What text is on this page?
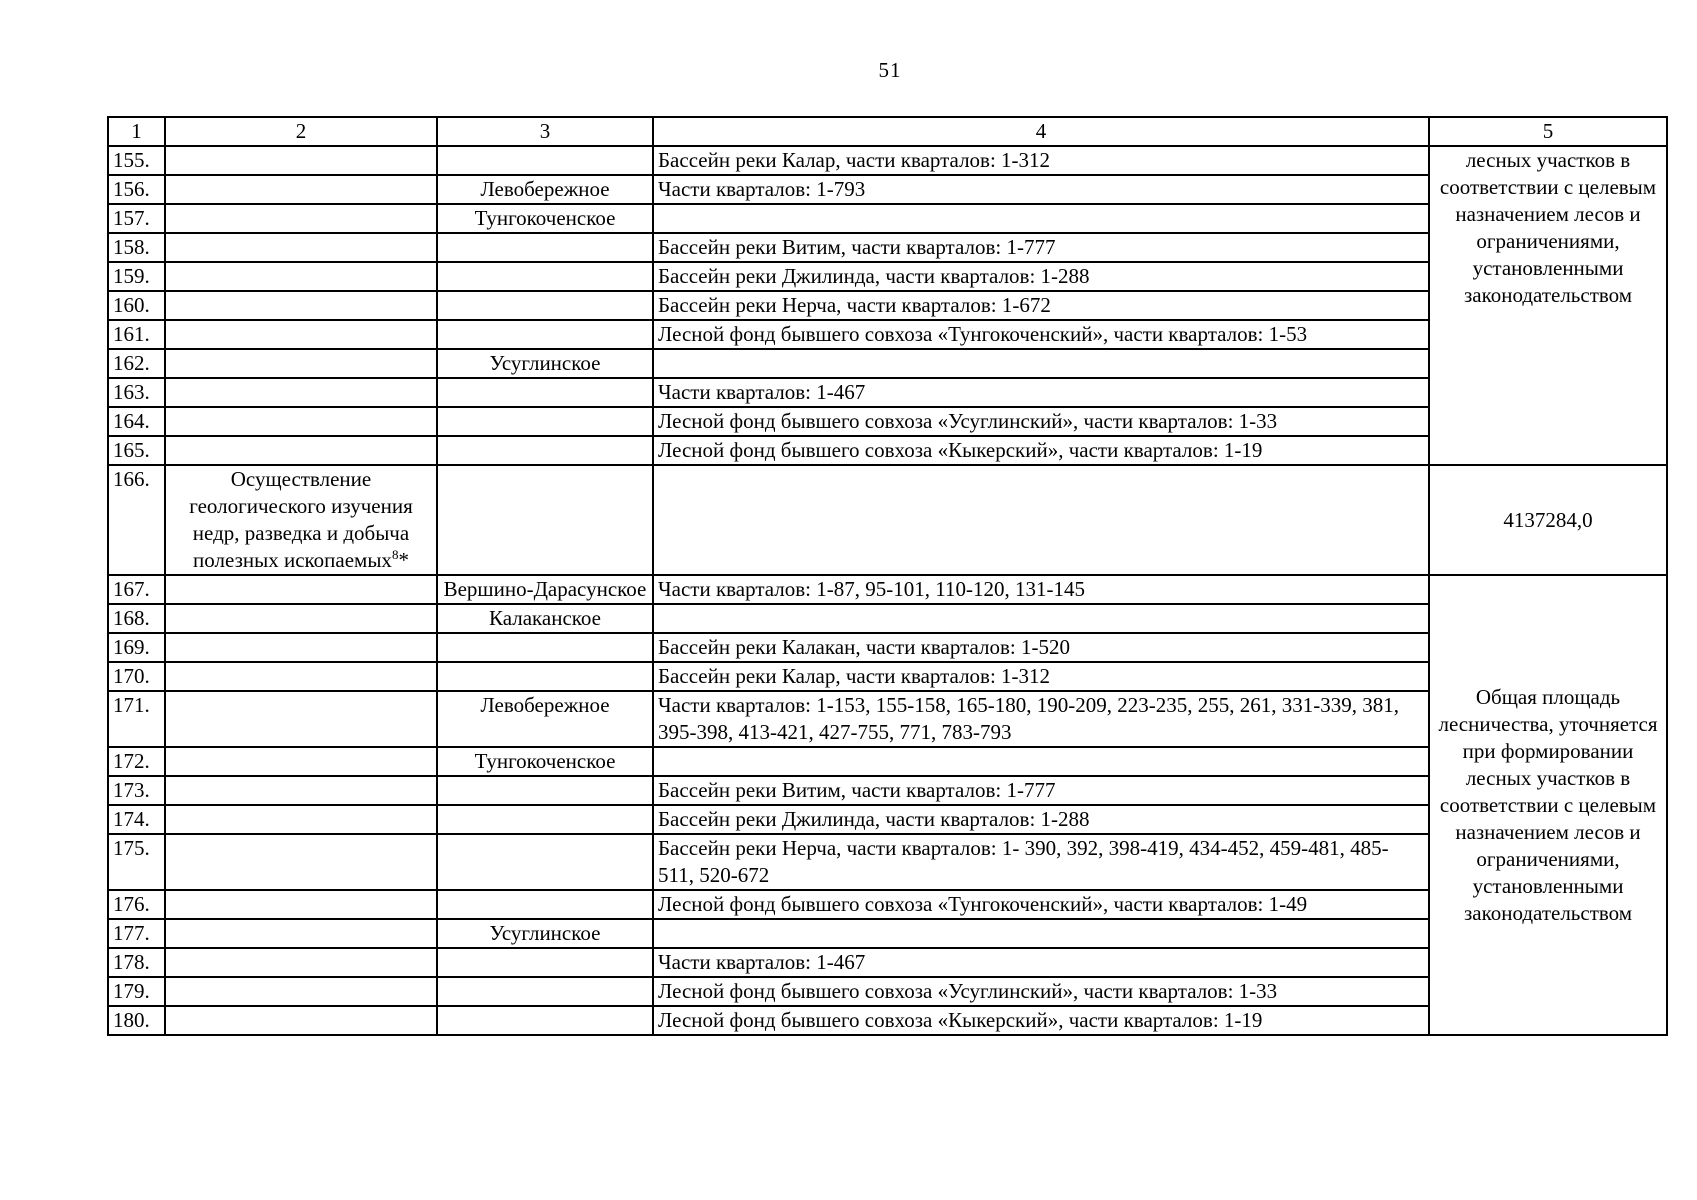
51
1	2	3	4	5
155.			Бассейн реки Калар, части кварталов: 1-312	лесных участков в соответствии с целевым назначением лесов и ограничениями, установленными законодательством
156.		Левобережное	Части кварталов: 1-793	
157.		Тунгокоченское		
158.			Бассейн реки Витим, части кварталов: 1-777	
159.			Бассейн реки Джилинда, части кварталов: 1-288	
160.			Бассейн реки Нерча, части кварталов: 1-672	
161.			Лесной фонд бывшего совхоза «Тунгокоченский», части кварталов: 1-53	
162.		Усуглинское		
163.			Части кварталов: 1-467	
164.			Лесной фонд бывшего совхоза «Усуглинский», части кварталов: 1-33	
165.			Лесной фонд бывшего совхоза «Кыкерский», части кварталов: 1-19	
166.	Осуществление геологического изучения недр, разведка и добыча полезных ископаемых$^8$*			4137284,0
167.		Вершино-Дарасунское	Части кварталов: 1-87, 95-101, 110-120, 131-145	Общая площадь лесничества, уточняется при формировании лесных участков в соответствии с целевым назначением лесов и ограничениями, установленными законодательством
168.		Калаканское		
169.			Бассейн реки Калакан, части кварталов: 1-520	
170.			Бассейн реки Калар, части кварталов: 1-312	
171.		Левобережное	Части кварталов: 1-153, 155-158, 165-180, 190-209, 223-235, 255, 261, 331-339, 381, 395-398, 413-421, 427-755, 771, 783-793	
172.		Тунгокоченское		
173.			Бассейн реки Витим, части кварталов: 1-777	
174.			Бассейн реки Джилинда, части кварталов: 1-288	
175.			Бассейн реки Нерча, части кварталов: 1- 390, 392, 398-419, 434-452, 459-481, 485-511, 520-672	
176.			Лесной фонд бывшего совхоза «Тунгокоченский», части кварталов: 1-49	
177.		Усуглинское		
178.			Части кварталов: 1-467	
179.			Лесной фонд бывшего совхоза «Усуглинский», части кварталов: 1-33	
180.			Лесной фонд бывшего совхоза «Кыкерский», части кварталов: 1-19	
